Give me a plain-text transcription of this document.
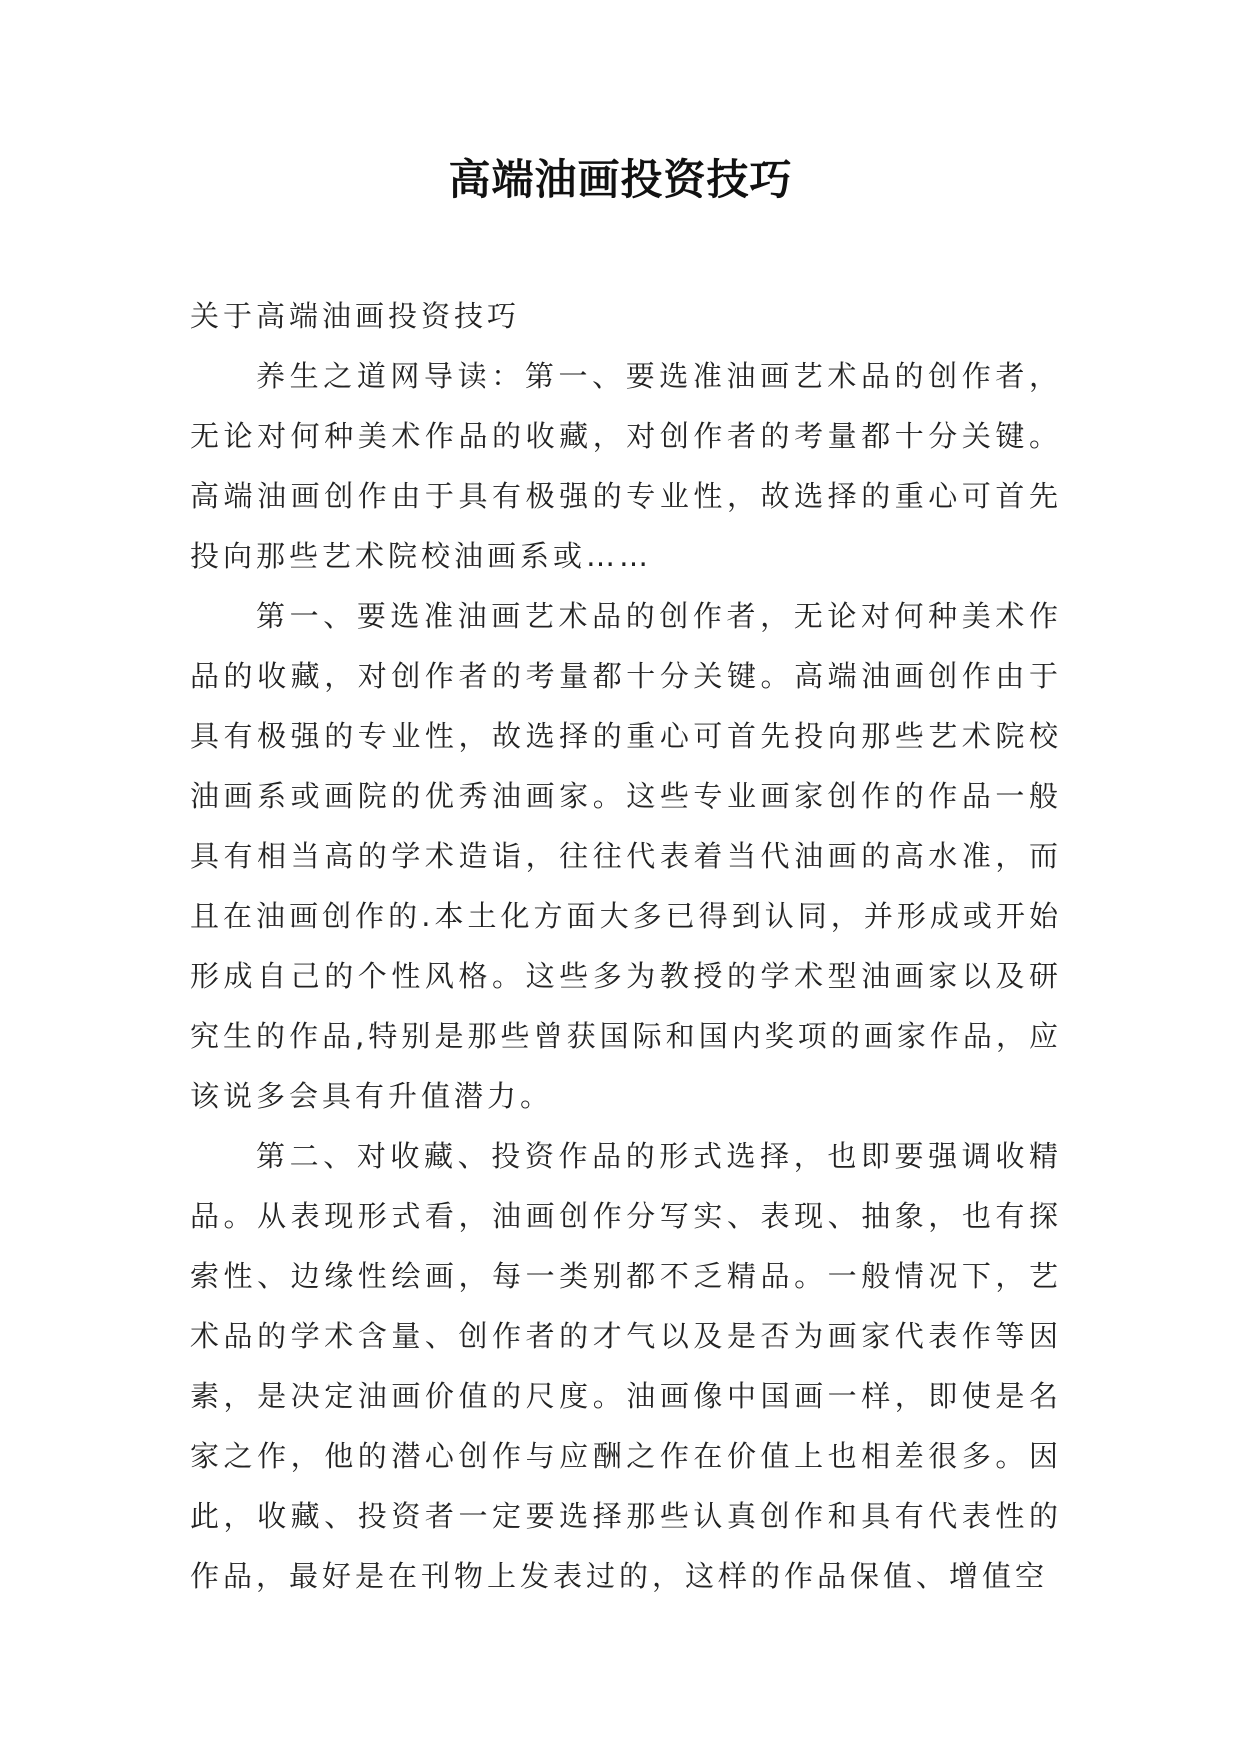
高端油画投资技巧

关于高端油画投资技巧

养生之道网导读：第一、要选准油画艺术品的创作者，无论对何种美术作品的收藏，对创作者的考量都十分关键。高端油画创作由于具有极强的专业性，故选择的重心可首先投向那些艺术院校油画系或……

第一、要选准油画艺术品的创作者，无论对何种美术作品的收藏，对创作者的考量都十分关键。高端油画创作由于具有极强的专业性，故选择的重心可首先投向那些艺术院校油画系或画院的优秀油画家。这些专业画家创作的作品一般具有相当高的学术造诣，往往代表着当代油画的高水准，而且在油画创作的.本土化方面大多已得到认同，并形成或开始形成自己的个性风格。这些多为教授的学术型油画家以及研究生的作品,特别是那些曾获国际和国内奖项的画家作品，应该说多会具有升值潜力。

第二、对收藏、投资作品的形式选择，也即要强调收精品。从表现形式看，油画创作分写实、表现、抽象，也有探索性、边缘性绘画，每一类别都不乏精品。一般情况下，艺术品的学术含量、创作者的才气以及是否为画家代表作等因素，是决定油画价值的尺度。油画像中国画一样，即使是名家之作，他的潜心创作与应酬之作在价值上也相差很多。因此，收藏、投资者一定要选择那些认真创作和具有代表性的作品，最好是在刊物上发表过的，这样的作品保值、增值空
